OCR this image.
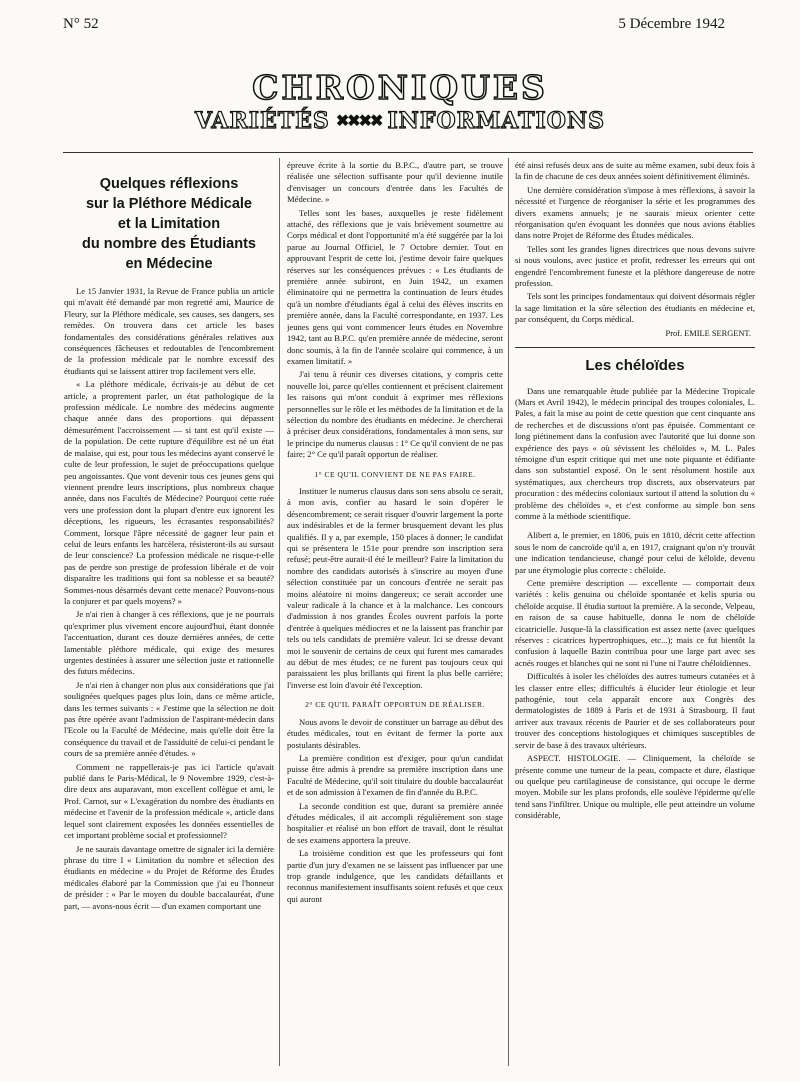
N° 52	5 Décembre 1942
CHRONIQUES
VARIÉTÉS ✖✖✖✖ INFORMATIONS
Quelques réflexions
sur la Pléthore Médicale
et la Limitation
du nombre des Étudiants
en Médecine

Le 15 Janvier 1931, la Revue de France publia un article qui m'avait été demandé par mon regretté ami, Maurice de Fleury, sur la Pléthore médicale, ses causes, ses dangers, ses remèdes. On trouvera dans cet article les bases fondamentales des considérations générales relatives aux conséquences fâcheuses et redoutables de l'encombrement de la profession médicale par le nombre excessif des étudiants qui se laissent attirer trop facilement vers elle.

« La pléthore médicale, écrivais-je au début de cet article, a proprement parler, un état pathologique de la profession médicale. Le nombre des médecins augmente chaque année dans des proportions qui dépassent démesurément l'accroissement — si tant est qu'il existe — de la population. De cette rupture d'équilibre est né un état de malaise, qui est, pour tous les médecins ayant conservé le culte de leur profession, le sujet de préoccupations quelque peu angoissantes. Que vont devenir tous ces jeunes gens qui viennent prendre leurs inscriptions, plus nombreux chaque année, dans nos Facultés de Médecine? Pourquoi cette ruée vers une profession dont la plupart d'entre eux ignorent les déceptions, les rigueurs, les écrasantes responsabilités? Comment, lorsque l'âpre nécessité de gagner leur pain et celui de leurs enfants les harcèlera, résisteront-ils au sursaut de leur conscience? La profession médicale ne risque-t-elle pas de perdre son prestige de profession libérale et de voir disparaître les traditions qui font sa noblesse et sa beauté? Sommes-nous désarmés devant cette menace? Pouvons-nous la conjurer et par quels moyens? »

Je n'ai rien à changer à ces réflexions, que je ne pourrais qu'exprimer plus vivement encore aujourd'hui, étant donnée l'accentuation, durant ces douze dernières années, de cette lamentable pléthore médicale, qui exige des mesures urgentes destinées à assurer une sélection juste et rationnelle des futurs médecins.

Je n'ai rien à changer non plus aux considérations que j'ai soulignées quelques pages plus loin, dans ce même article, dans les termes suivants : « J'estime que la sélection ne doit pas être opérée avant l'admission de l'aspirant-médecin dans l'Ecole ou la Faculté de Médecine, mais qu'elle doit être la conséquence du travail et de l'assiduité de celui-ci pendant le cours de sa première année d'études. »

Comment ne rappellerais-je pas ici l'article qu'avait publié dans le Paris-Médical, le 9 Novembre 1929, c'est-à-dire deux ans auparavant, mon excellent collègue et ami, le Prof. Carnot, sur « L'exagération du nombre des étudiants en médecine et l'avenir de la profession médicale », article dans lequel sont clairement exposées les données essentielles de cet important problème social et professionnel?

Je ne saurais davantage omettre de signaler ici la dernière phrase du titre I « Limitation du nombre et sélection des étudiants en médecine » du Projet de Réforme des Études médicales élaboré par la Commission que j'ai eu l'honneur de présider : « Par le moyen du double baccalauréat, d'une part, — avons-nous écrit — d'un examen comportant une

épreuve écrite à la sortie du B.P.C., d'autre part, se trouve réalisée une sélection suffisante pour qu'il devienne inutile d'envisager un concours d'entrée dans les Facultés de Médecine. »

Telles sont les bases, auxquelles je reste fidèlement attaché, des réflexions que je vais brièvement soumettre au Corps médical et dont l'opportunité m'a été suggérée par la loi parue au Journal Officiel, le 7 Octobre dernier. Tout en approuvant l'esprit de cette loi, j'estime devoir faire quelques réserves sur les conséquences prévues : « Les étudiants de première année subiront, en Juin 1942, un examen éliminatoire qui ne permettra la continuation de leurs études qu'à un nombre d'étudiants égal à celui des élèves inscrits en première année, dans la Faculté correspondante, en 1937. Les jeunes gens qui vont commencer leurs études en Novembre 1942, tant au B.P.C. qu'en première année de médecine, seront donc soumis, à la fin de l'année scolaire qui commence, à un examen limitatif. »

J'ai tenu à réunir ces diverses citations, y compris cette nouvelle loi, parce qu'elles contiennent et précisent clairement les raisons qui m'ont conduit à exprimer mes réflexions personnelles sur le rôle et les méthodes de la limitation et de la sélection du nombre des étudiants en médecine. Je chercherai à préciser deux considérations, fondamentales à mon sens, sur le principe du numerus clausus : 1° Ce qu'il convient de ne pas faire; 2° Ce qu'il paraît opportun de réaliser.

1° CE QU'IL CONVIENT DE NE PAS FAIRE.

Instituer le numerus clausus dans son sens absolu ce serait, à mon avis, confier au hasard le soin d'opérer le désencombrement; ce serait risquer d'ouvrir largement la porte aux indésirables et de la fermer brusquement devant les plus qualifiés. Il y a, par exemple, 150 places à donner; le candidat qui se présentera le 151e pour prendre son inscription sera refusé; peut-être aurait-il été le meilleur? Faire la limitation du nombre des candidats autorisés à s'inscrire au moyen d'une sélection constituée par un concours d'entrée ne serait pas moins aléatoire ni moins dangereux; ce serait accorder une valeur radicale à la chance et à la malchance. Les concours d'admission à nos grandes Écoles ouvrent parfois la porte d'entrée à quelques médiocres et ne la laissent pas franchir par tels ou tels candidats de première valeur. Ici se dresse devant moi le souvenir de certains de ceux qui furent mes camarades au début de mes études; ce ne furent pas toujours ceux qui paraissaient les plus brillants qui firent la plus belle carrière; l'inverse est loin d'avoir été l'exception.

2° CE QU'IL PARAÎT OPPORTUN DE RÉALISER.

Nous avons le devoir de constituer un barrage au début des études médicales, tout en évitant de fermer la porte aux postulants désirables.

La première condition est d'exiger, pour qu'un candidat puisse être admis à prendre sa première inscription dans une Faculté de Médecine, qu'il soit titulaire du double baccalauréat et de son admission à l'examen de fin d'année du B.P.C.

La seconde condition est que, durant sa première année d'études médicales, il ait accompli régulièrement son stage hospitalier et réalisé un bon effort de travail, dont le résultat de ses examens apportera la preuve.

La troisième condition est que les professeurs qui font partie d'un jury d'examen ne se laissent pas influencer par une trop grande indulgence, que les candidats défaillants et reconnus manifestement insuffisants soient refusés et que ceux qui auront

été ainsi refusés deux ans de suite au même examen, subi deux fois à la fin de chacune de ces deux années soient définitivement éliminés.

Une dernière considération s'impose à mes réflexions, à savoir la nécessité et l'urgence de réorganiser la série et les programmes des divers examens annuels; je ne saurais mieux orienter cette réorganisation qu'en évoquant les données que nous avions établies dans notre Projet de Réforme des Études médicales.

Telles sont les grandes lignes directrices que nous devons suivre si nous voulons, avec justice et profit, redresser les erreurs qui ont engendré l'encombrement funeste et la pléthore dangereuse de notre profession.

Tels sont les principes fondamentaux qui doivent désormais régler la sage limitation et la sûre sélection des étudiants en médecine et, par conséquent, du Corps médical.

Prof. EMILE SERGENT.
Les chéloïdes

Dans une remarquable étude publiée par la Médecine Tropicale (Mars et Avril 1942), le médecin principal des troupes coloniales, L. Pales, a fait la mise au point de cette question que cent cinquante ans de recherches et de discussions n'ont pas épuisée. Commentant ce long piétinement dans la confusion avec l'autorité que lui donne son expérience des pays « où sévissent les chéloïdes », M. L. Pales témoigne d'un esprit critique qui met une note piquante et édifiante dans son substantiel exposé. On le sent résolument hostile aux systématiques, aux chercheurs trop discrets, aux observateurs par procuration : des médecins coloniaux surtout il attend la solution du « problème des chéloïdes », et c'est conforme au simple bon sens comme à la méthode scientifique.

Alibert a, le premier, en 1806, puis en 1810, décrit cette affection sous le nom de cancroïde qu'il a, en 1917, craignant qu'on n'y trouvât une indication tendancieuse, changé pour celui de kéloïde, devenu par une étymologie plus correcte : chéloïde.

Cette première description — excellente — comportait deux variétés : kelis genuina ou chéloïde spontanée et kelis spuria ou chéloïde acquise. Il étudia surtout la première. A la seconde, Velpeau, en raison de sa cause habituelle, donna le nom de chéloïde cicatricielle. Jusque-là la classification est assez nette (avec quelques réserves : cicatrices hypertrophiques, etc...); mais ce fut bientôt la confusion à laquelle Bazin contribua pour une large part avec ses acnés rouges et blanches qui ne sont ni l'une ni l'autre chéloïdiennes.

Difficultés à isoler les chéloïdes des autres tumeurs cutanées et à les classer entre elles; difficultés à élucider leur étiologie et leur pathogénie, tout cela apparaît encore aux Congrès des dermatologistes de 1889 à Paris et de 1931 à Strasbourg. Il faut arriver aux travaux récents de Paurier et de ses collaborateurs pour trouver des conceptions histologiques et chimiques susceptibles de servir de base à des travaux ultérieurs.

ASPECT. HISTOLOGIE. — Cliniquement, la chéloïde se présente comme une tumeur de la peau, compacte et dure, élastique ou quelque peu cartilagineuse de consistance, qui occupe le derme moyen. Mobile sur les plans profonds, elle soulève l'épiderme qu'elle tend sans l'infiltrer. Unique ou multiple, elle peut atteindre un volume considérable,
